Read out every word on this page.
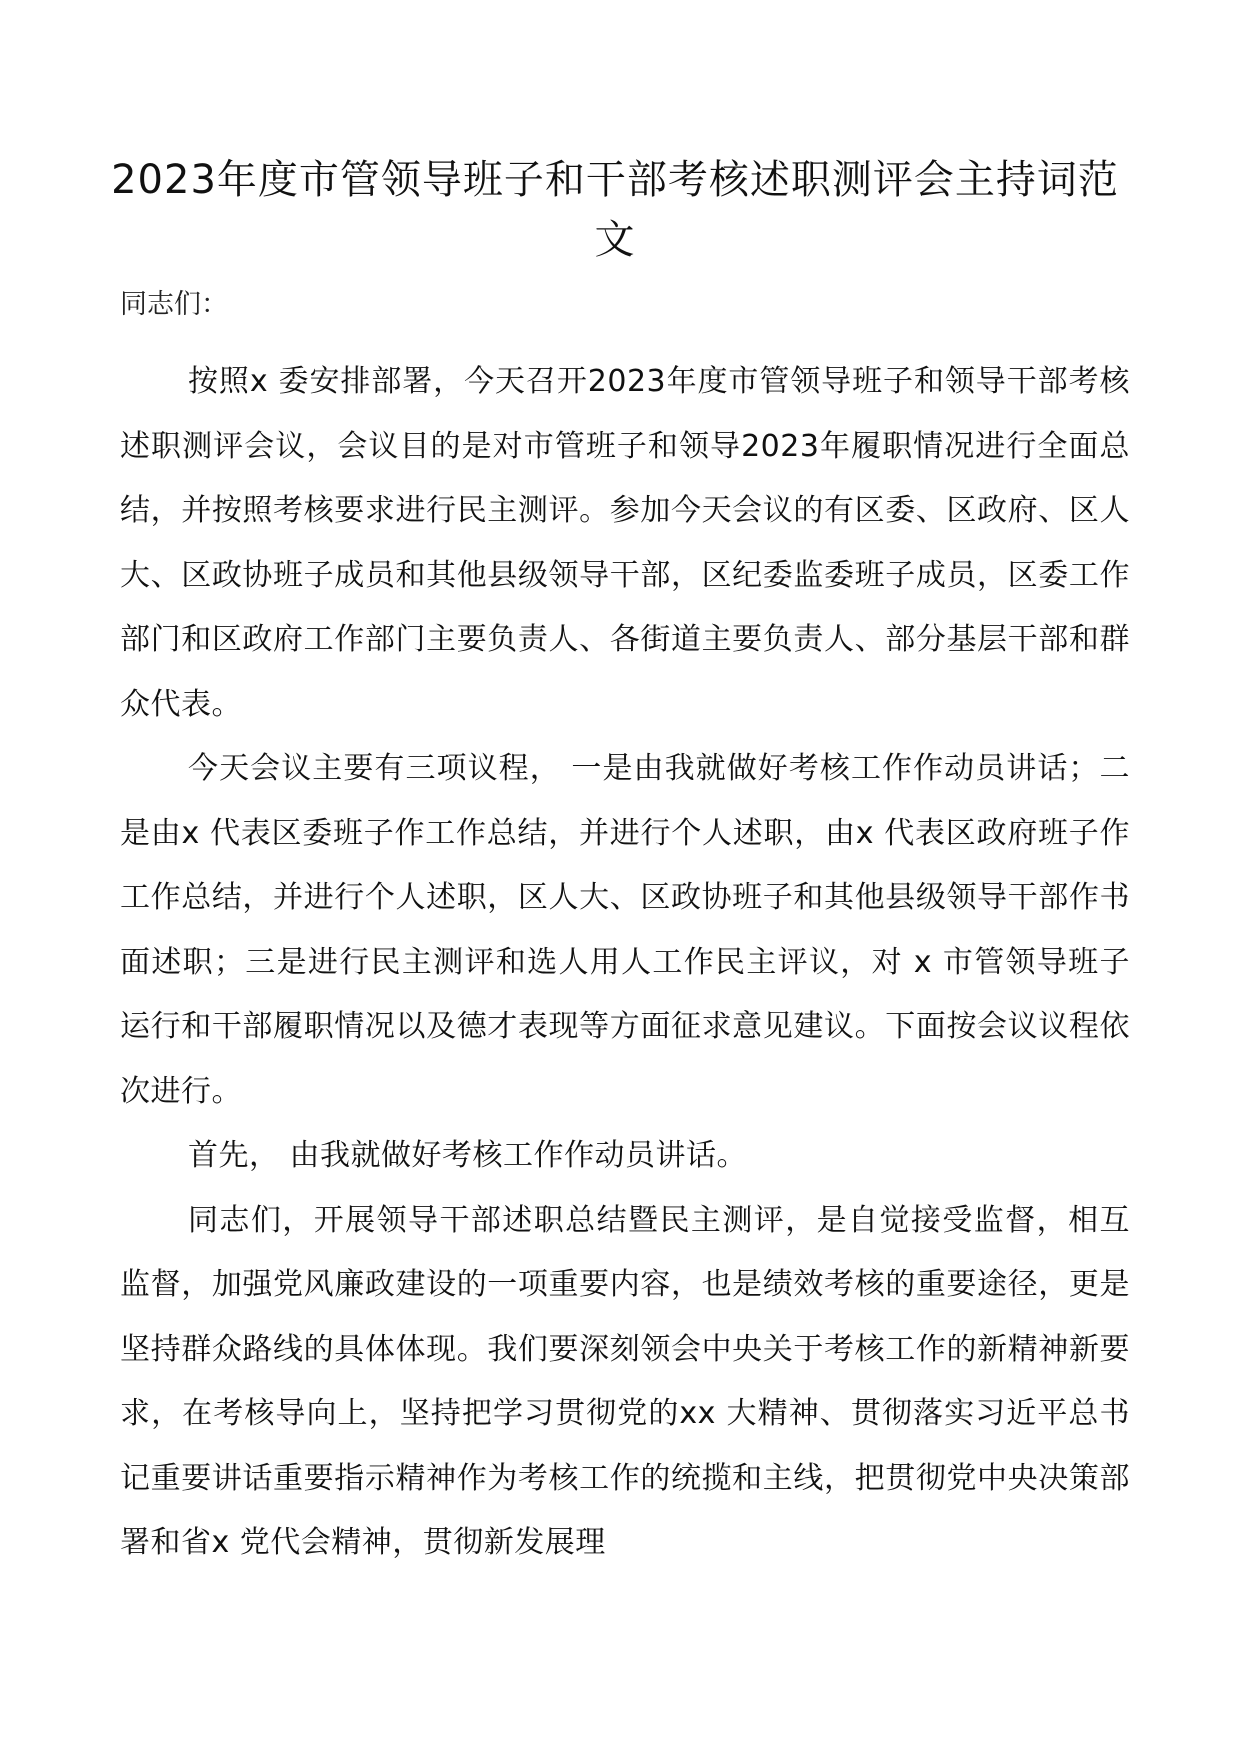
2023年度市管领导班子和干部考核述职测评会主持词范文
同志们：

按照x 委安排部署，今天召开2023年度市管领导班子和领导干部考核述职测评会议，会议目的是对市管班子和领导2023年履职情况进行全面总结，并按照考核要求进行民主测评。参加今天会议的有区委、区政府、区人大、区政协班子成员和其他县级领导干部，区纪委监委班子成员，区委工作部门和区政府工作部门主要负责人、各街道主要负责人、部分基层干部和群众代表。

今天会议主要有三项议程， 一是由我就做好考核工作作动员讲话；二是由x 代表区委班子作工作总结，并进行个人述职，由x 代表区政府班子作工作总结，并进行个人述职，区人大、区政协班子和其他县级领导干部作书面述职；三是进行民主测评和选人用人工作民主评议，对 x 市管领导班子运行和干部履职情况以及德才表现等方面征求意见建议。下面按会议议程依次进行。

首先， 由我就做好考核工作作动员讲话。

同志们，开展领导干部述职总结暨民主测评，是自觉接受监督，相互监督，加强党风廉政建设的一项重要内容，也是绩效考核的重要途径，更是坚持群众路线的具体体现。我们要深刻领会中央关于考核工作的新精神新要求，在考核导向上，坚持把学习贯彻党的xx 大精神、贯彻落实习近平总书记重要讲话重要指示精神作为考核工作的统揽和主线，把贯彻党中央决策部署和省x 党代会精神，贯彻新发展理
